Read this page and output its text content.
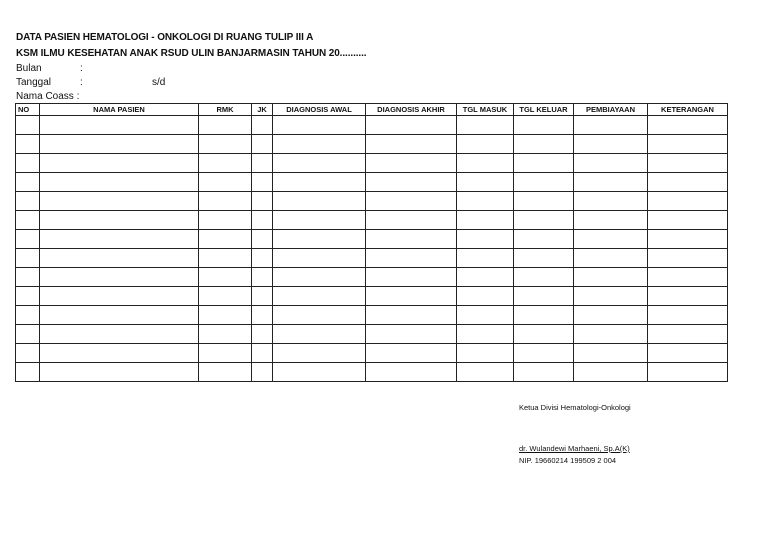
DATA PASIEN HEMATOLOGI - ONKOLOGI DI RUANG TULIP III A
KSM ILMU KESEHATAN ANAK RSUD ULIN BANJARMASIN TAHUN 20..........
Bulan	:
Tanggal	:	s/d
Nama Coass :
NO	NAMA PASIEN	RMK	JK	DIAGNOSIS AWAL	DIAGNOSIS AKHIR	TGL MASUK	TGL KELUAR	PEMBIAYAAN	KETERANGAN

Ketua Divisi Hematologi-Onkologi
dr. Wulandewi Marhaeni, Sp.A(K)
NIP. 19660214 199509 2 004
